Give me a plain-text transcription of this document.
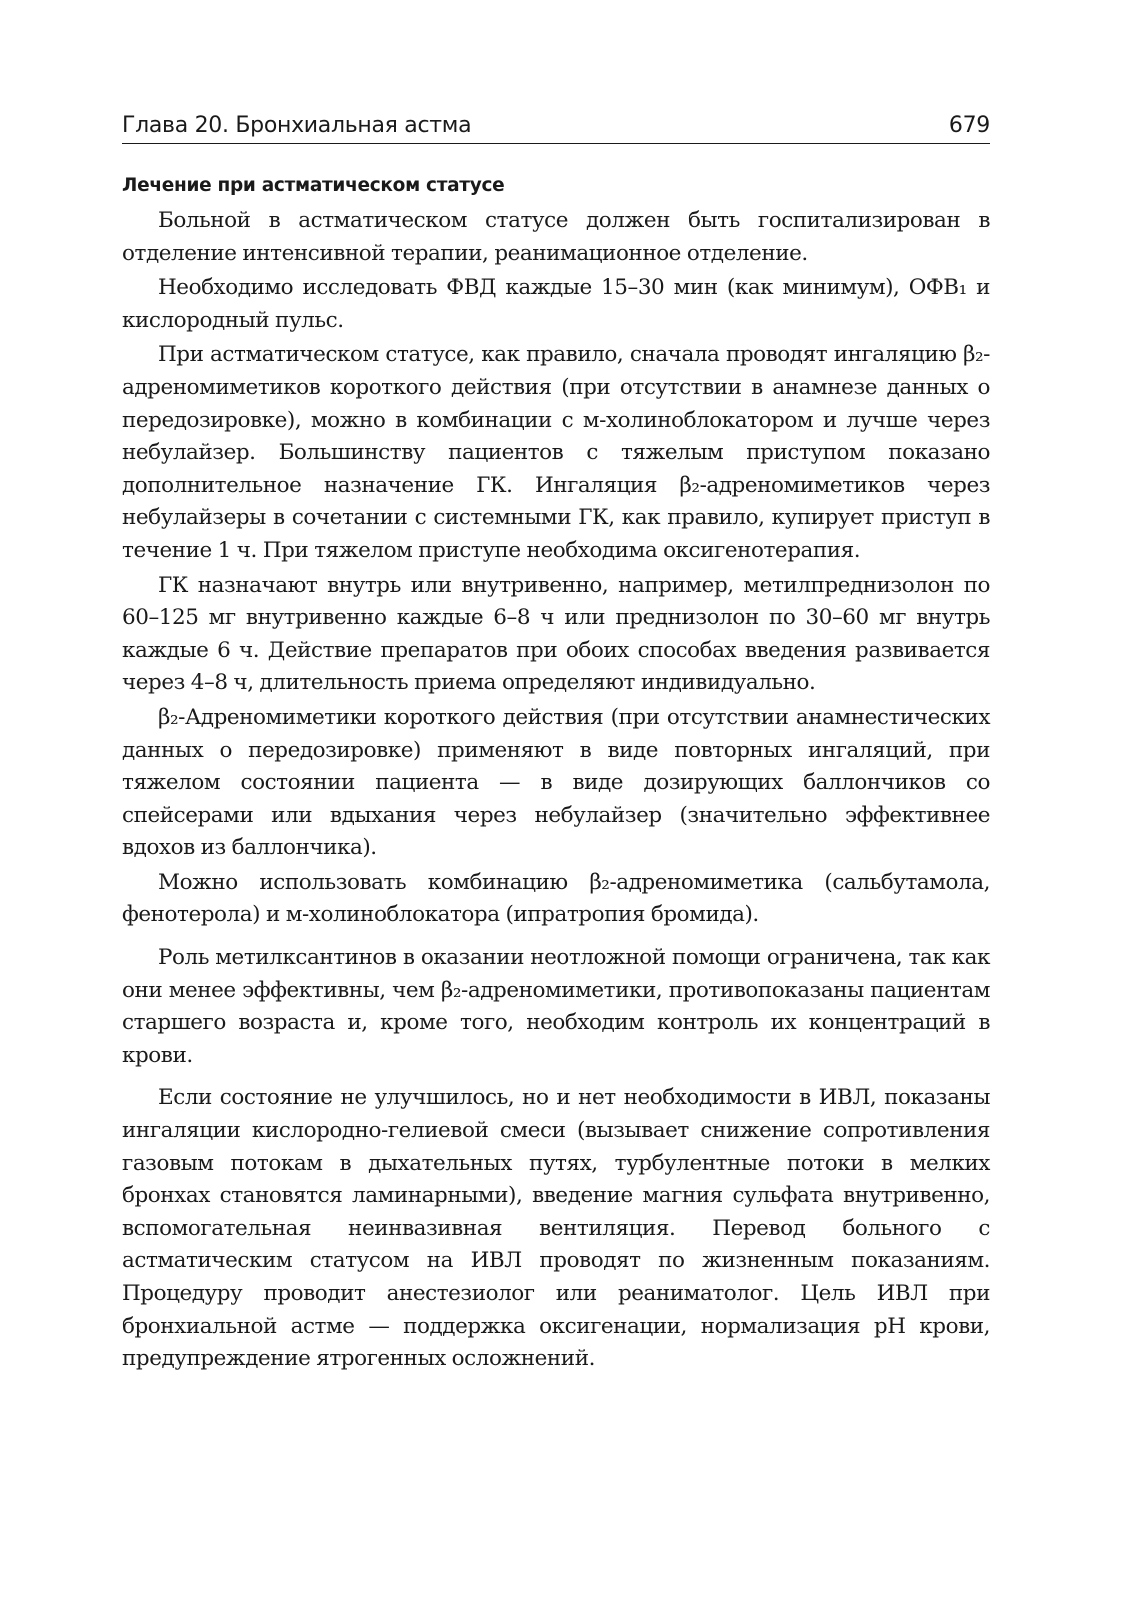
Глава 20. Бронхиальная астма	679
Лечение при астматическом статусе

Больной в астматическом статусе должен быть госпитализирован в отделение интенсивной терапии, реанимационное отделение.

Необходимо исследовать ФВД каждые 15–30 мин (как минимум), ОФВ₁ и кислородный пульс.

При астматическом статусе, как правило, сначала проводят ингаляцию β₂-адреномиметиков короткого действия (при отсутствии в анамнезе данных о передозировке), можно в комбинации с м-холиноблокатором и лучше через небулайзер. Большинству пациентов с тяжелым приступом показано дополнительное назначение ГК. Ингаляция β₂-адреномиметиков через небулайзеры в сочетании с системными ГК, как правило, купирует приступ в течение 1 ч. При тяжелом приступе необходима оксигенотерапия.

ГК назначают внутрь или внутривенно, например, метилпреднизолон по 60–125 мг внутривенно каждые 6–8 ч или преднизолон по 30–60 мг внутрь каждые 6 ч. Действие препаратов при обоих способах введения развивается через 4–8 ч, длительность приема определяют индивидуально.

β₂-Адреномиметики короткого действия (при отсутствии анамнестических данных о передозировке) применяют в виде повторных ингаляций, при тяжелом состоянии пациента — в виде дозирующих баллончиков со спейсерами или вдыхания через небулайзер (значительно эффективнее вдохов из баллончика).

Можно использовать комбинацию β₂-адреномиметика (сальбутамола, фенотерола) и м-холиноблокатора (ипратропия бромида).

Роль метилксантинов в оказании неотложной помощи ограничена, так как они менее эффективны, чем β₂-адреномиметики, противопоказаны пациентам старшего возраста и, кроме того, необходим контроль их концентраций в крови.

Если состояние не улучшилось, но и нет необходимости в ИВЛ, показаны ингаляции кислородно-гелиевой смеси (вызывает снижение сопротивления газовым потокам в дыхательных путях, турбулентные потоки в мелких бронхах становятся ламинарными), введение магния сульфата внутривенно, вспомогательная неинвазивная вентиляция. Перевод больного с астматическим статусом на ИВЛ проводят по жизненным показаниям. Процедуру проводит анестезиолог или реаниматолог. Цель ИВЛ при бронхиальной астме — поддержка оксигенации, нормализация pH крови, предупреждение ятрогенных осложнений.
